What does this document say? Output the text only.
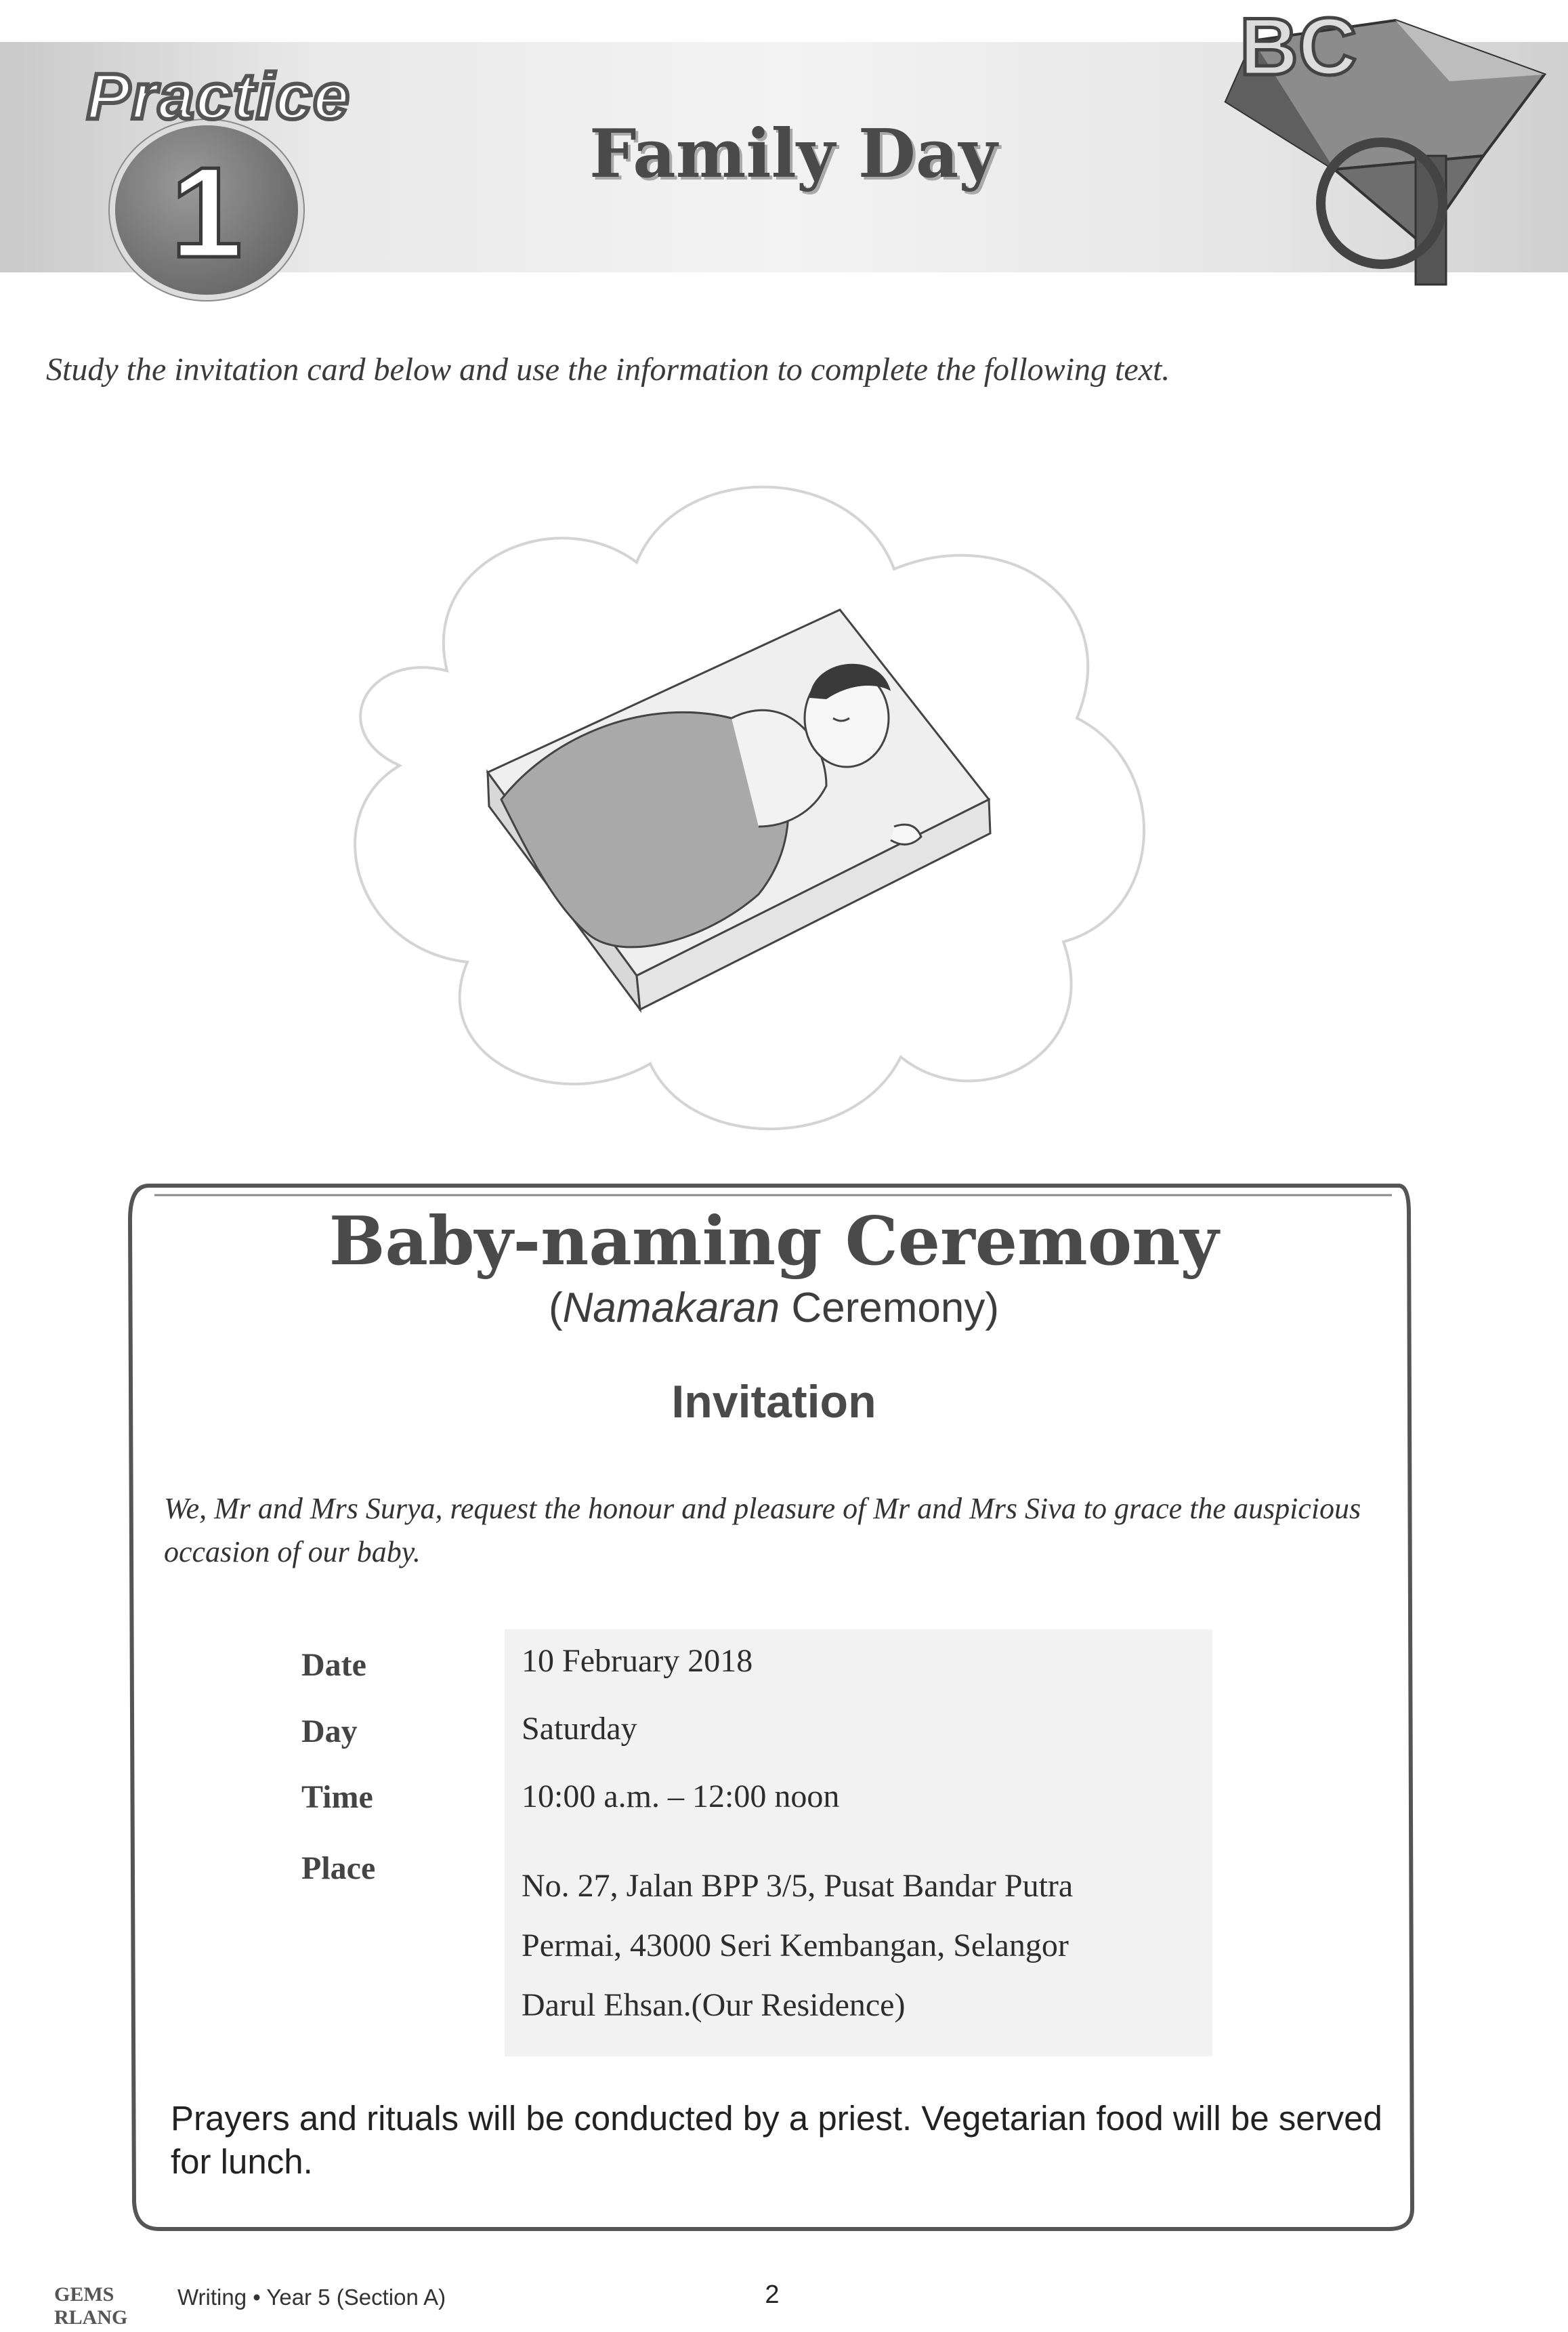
Practice
1	Family Day
BC
Study the invitation card below and use the information to complete the following text.
Baby-naming Ceremony
(Namakaran Ceremony)
Invitation
We, Mr and Mrs Surya, request the honour and pleasure of Mr and Mrs Siva to grace the auspicious occasion of our baby.
Date	10 February 2018
Day	Saturday
Time	10:00 a.m. – 12:00 noon
Place	No. 27, Jalan BPP 3/5, Pusat Bandar Putra
Permai, 43000 Seri Kembangan, Selangor
Darul Ehsan.(Our Residence)
Prayers and rituals will be conducted by a priest. Vegetarian food will be served for lunch.
GEMS RLANG
Writing • Year 5 (Section A)	2
